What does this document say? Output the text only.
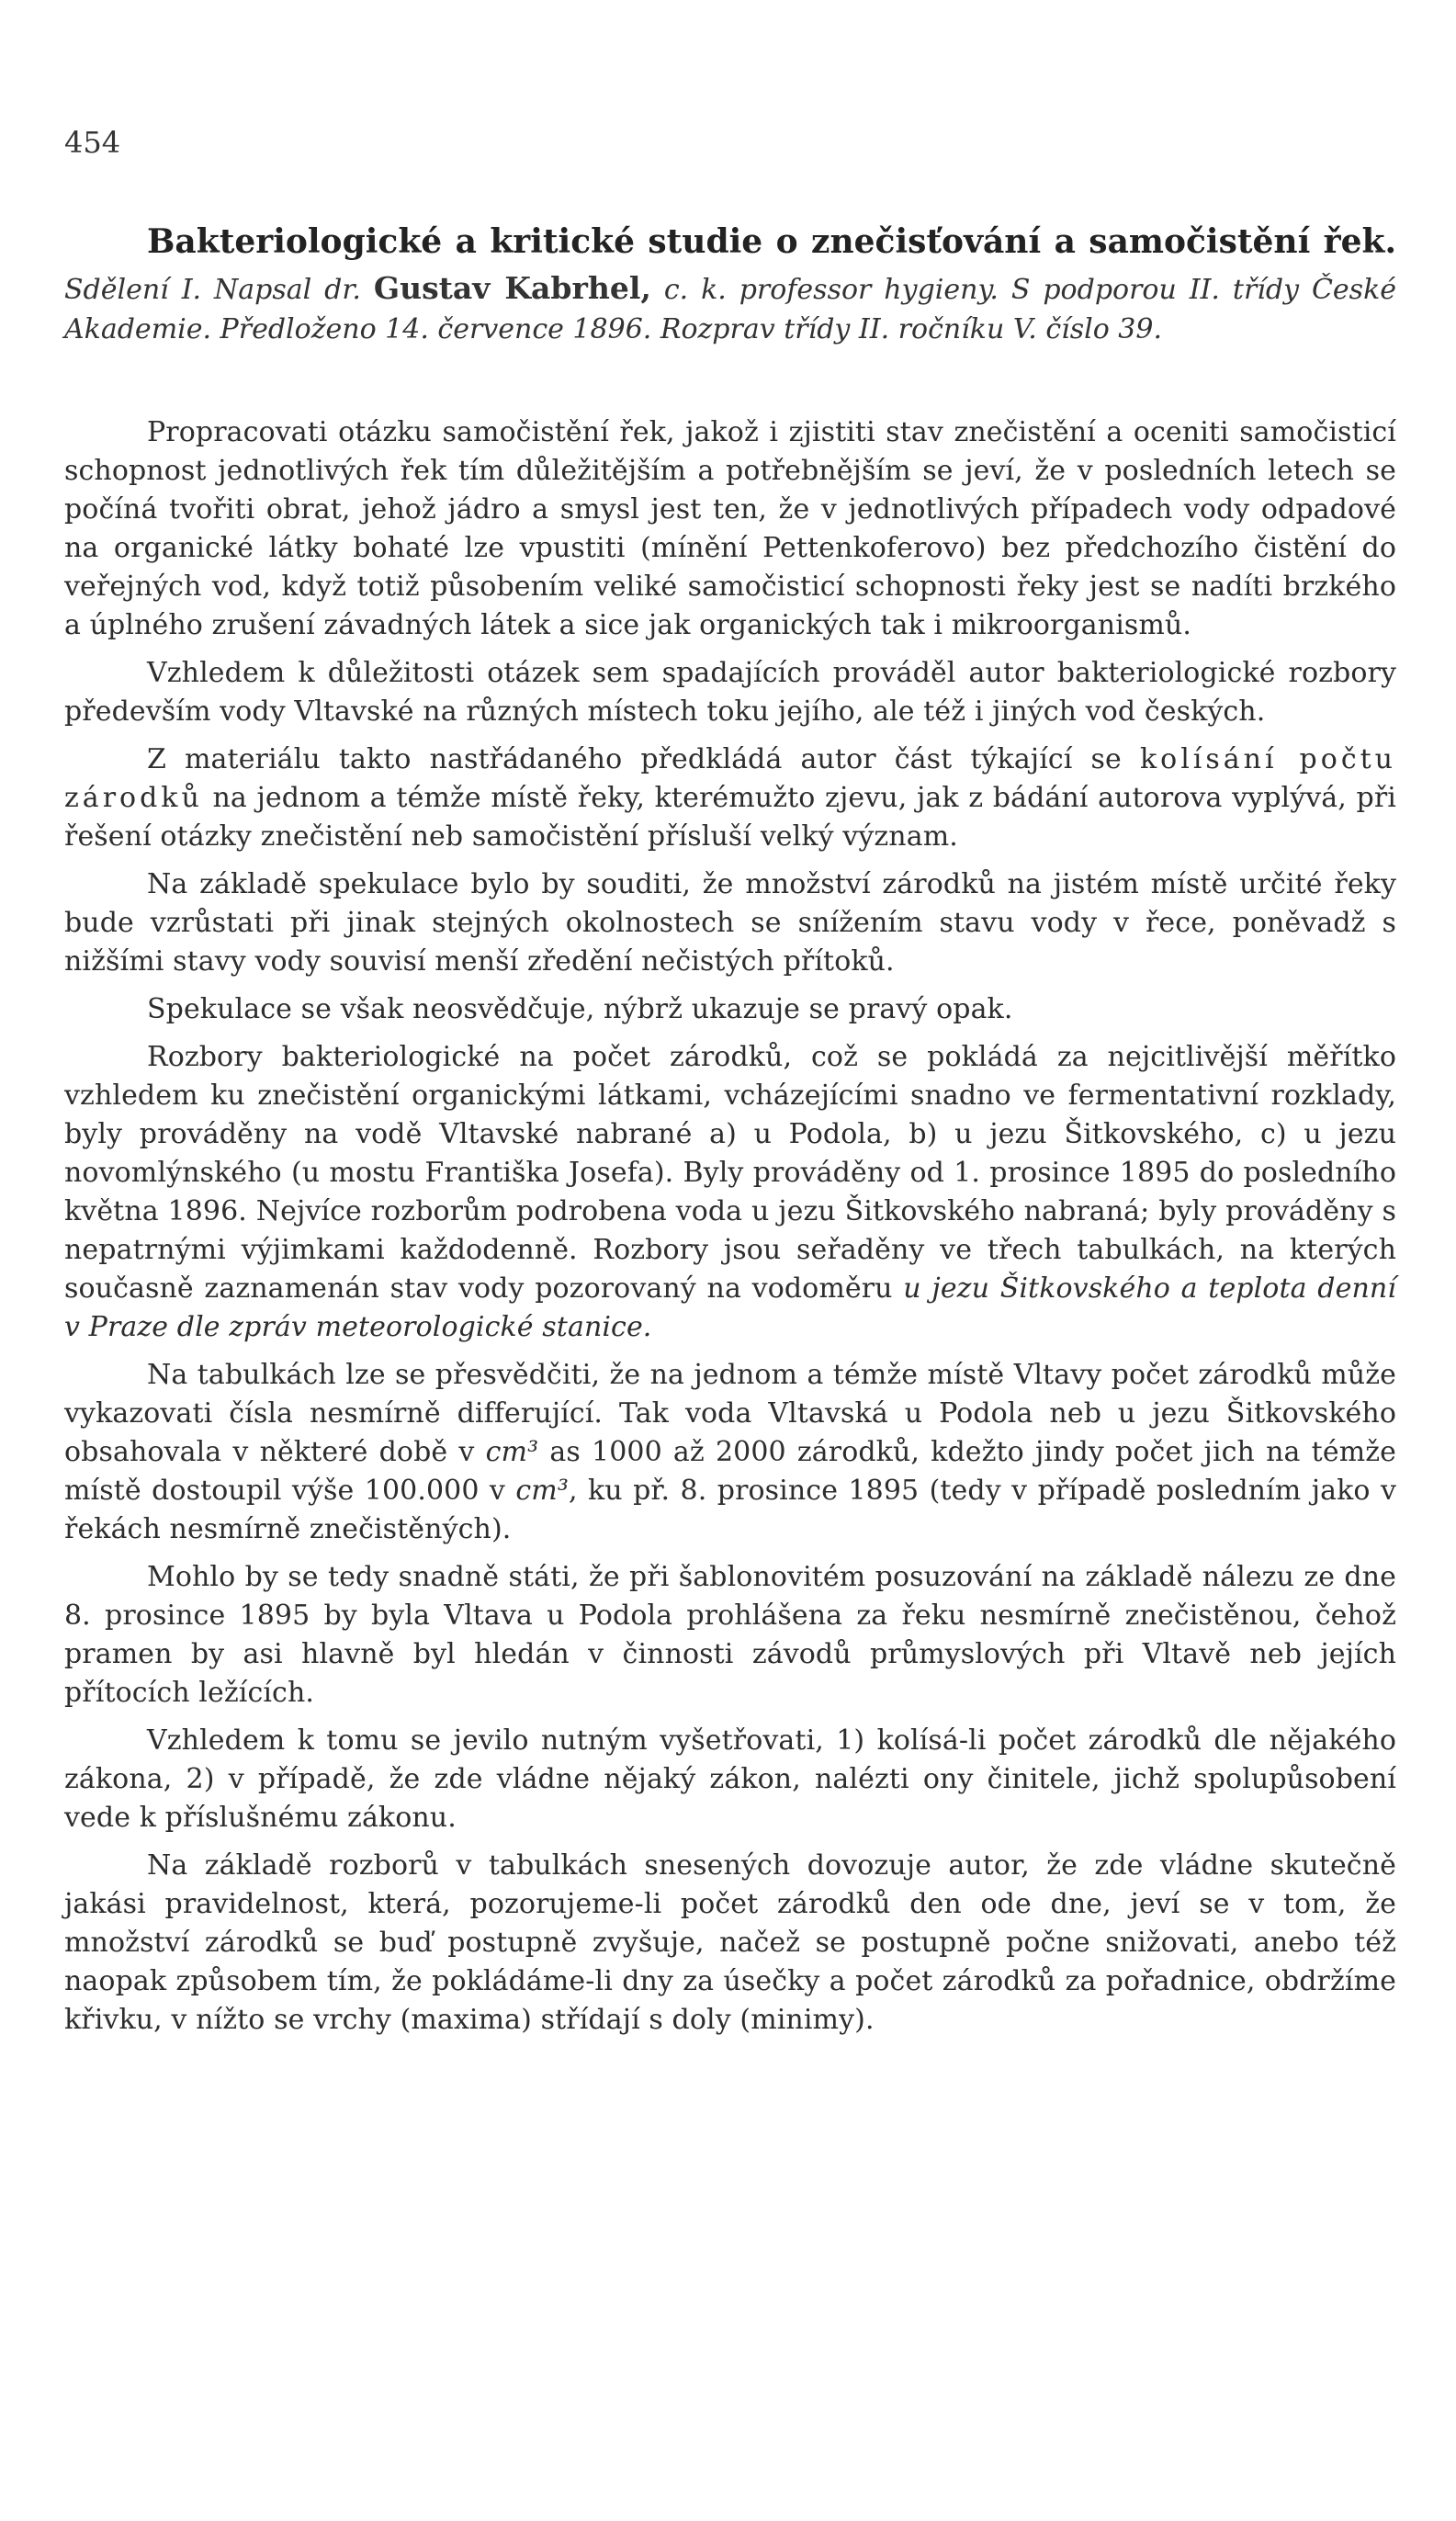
454
Bakteriologické a kritické studie o znečisťování a samočistění řek.

Sdělení I. Napsal dr. Gustav Kabrhel, c. k. professor hygieny. S podporou II. třídy České Akademie. Předloženo 14. července 1896. Rozprav třídy II. ročníku V. číslo 39.

Propracovati otázku samočistění řek, jakož i zjistiti stav znečistění a oceniti samočisticí schopnost jednotlivých řek tím důležitějším a potřebnějším se jeví, že v posledních letech se počíná tvořiti obrat, jehož jádro a smysl jest ten, že v jednotlivých případech vody odpadové na organické látky bohaté lze vpustiti (mínění Pettenkoferovo) bez předchozího čistění do veřejných vod, když totiž působením veliké samočisticí schopnosti řeky jest se nadíti brzkého a úplného zrušení závadných látek a sice jak organických tak i mikroorganismů.

Vzhledem k důležitosti otázek sem spadajících prováděl autor bakteriologické rozbory především vody Vltavské na různých místech toku jejího, ale též i jiných vod českých.

Z materiálu takto nastřádaného předkládá autor část týkající se kolísání počtu zárodků na jednom a témže místě řeky, kterémužto zjevu, jak z bádání autorova vyplývá, při řešení otázky znečistění neb samočistění přísluší velký význam.

Na základě spekulace bylo by souditi, že množství zárodků na jistém místě určité řeky bude vzrůstati při jinak stejných okolnostech se snížením stavu vody v řece, poněvadž s nižšími stavy vody souvisí menší zředění nečistých přítoků.

Spekulace se však neosvědčuje, nýbrž ukazuje se pravý opak.

Rozbory bakteriologické na počet zárodků, což se pokládá za nejcitlivější měřítko vzhledem ku znečistění organickými látkami, vcházejícími snadno ve fermentativní rozklady, byly prováděny na vodě Vltavské nabrané a) u Podola, b) u jezu Šitkovského, c) u jezu novomlýnského (u mostu Františka Josefa). Byly prováděny od 1. prosince 1895 do posledního května 1896. Nejvíce rozborům podrobena voda u jezu Šitkovského nabraná; byly prováděny s nepatrnými výjimkami každodenně. Rozbory jsou seřaděny ve třech tabulkách, na kterých současně zaznamenán stav vody pozorovaný na vodoměru u jezu Šitkovského a teplota denní v Praze dle zpráv meteorologické stanice.

Na tabulkách lze se přesvědčiti, že na jednom a témže místě Vltavy počet zárodků může vykazovati čísla nesmírně differující. Tak voda Vltavská u Podola neb u jezu Šitkovského obsahovala v některé době v cm³ as 1000 až 2000 zárodků, kdežto jindy počet jich na témže místě dostoupil výše 100.000 v cm³, ku př. 8. prosince 1895 (tedy v případě posledním jako v řekách nesmírně znečistěných).

Mohlo by se tedy snadně státi, že při šablonovitém posuzování na základě nálezu ze dne 8. prosince 1895 by byla Vltava u Podola prohlášena za řeku nesmírně znečistěnou, čehož pramen by asi hlavně byl hledán v činnosti závodů průmyslových při Vltavě neb jejích přítocích ležících.

Vzhledem k tomu se jevilo nutným vyšetřovati, 1) kolísá-li počet zárodků dle nějakého zákona, 2) v případě, že zde vládne nějaký zákon, nalézti ony činitele, jichž spolupůsobení vede k příslušnému zákonu.

Na základě rozborů v tabulkách snesených dovozuje autor, že zde vládne skutečně jakási pravidelnost, která, pozorujeme-li počet zárodků den ode dne, jeví se v tom, že množství zárodků se buď postupně zvyšuje, načež se postupně počne snižovati, anebo též naopak způsobem tím, že pokládáme-li dny za úsečky a počet zárodků za pořadnice, obdržíme křivku, v nížto se vrchy (maxima) střídají s doly (minimy).
